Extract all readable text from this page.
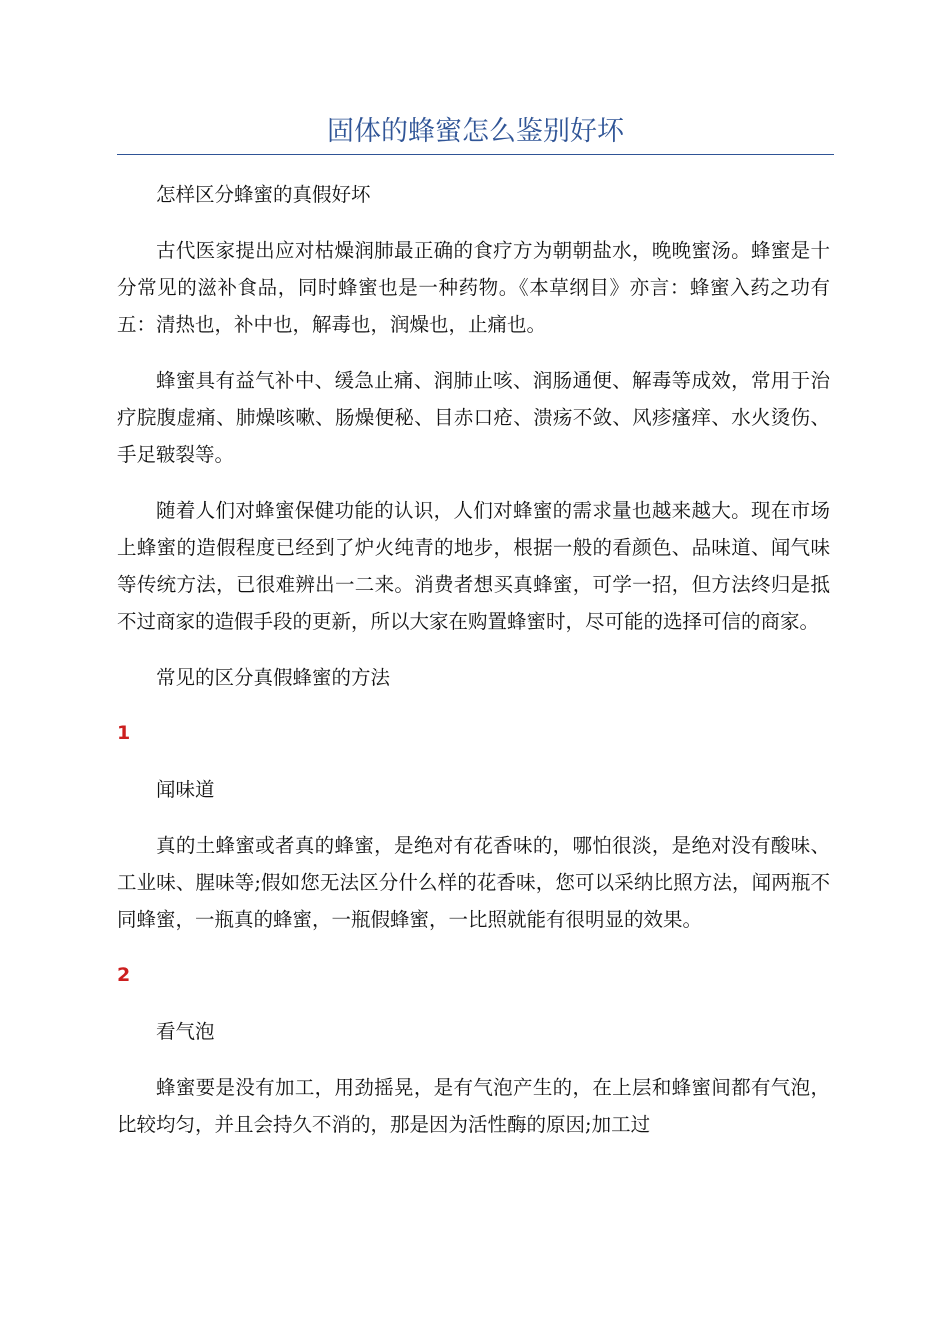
固体的蜂蜜怎么鉴别好坏

怎样区分蜂蜜的真假好坏

古代医家提出应对枯燥润肺最正确的食疗方为朝朝盐水，晚晚蜜汤。蜂蜜是十分常见的滋补食品，同时蜂蜜也是一种药物。《本草纲目》亦言：蜂蜜入药之功有五：清热也，补中也，解毒也，润燥也，止痛也。

蜂蜜具有益气补中、缓急止痛、润肺止咳、润肠通便、解毒等成效，常用于治疗脘腹虚痛、肺燥咳嗽、肠燥便秘、目赤口疮、溃疡不敛、风疹瘙痒、水火烫伤、手足皲裂等。

随着人们对蜂蜜保健功能的认识，人们对蜂蜜的需求量也越来越大。现在市场上蜂蜜的造假程度已经到了炉火纯青的地步，根据一般的看颜色、品味道、闻气味等传统方法，已很难辨出一二来。消费者想买真蜂蜜，可学一招，但方法终归是抵不过商家的造假手段的更新，所以大家在购置蜂蜜时，尽可能的选择可信的商家。

常见的区分真假蜂蜜的方法

1

闻味道

真的土蜂蜜或者真的蜂蜜，是绝对有花香味的，哪怕很淡，是绝对没有酸味、工业味、腥味等;假如您无法区分什么样的花香味，您可以采纳比照方法，闻两瓶不同蜂蜜，一瓶真的蜂蜜，一瓶假蜂蜜，一比照就能有很明显的效果。

2

看气泡

蜂蜜要是没有加工，用劲摇晃，是有气泡产生的，在上层和蜂蜜间都有气泡，比较均匀，并且会持久不消的，那是因为活性酶的原因;加工过
